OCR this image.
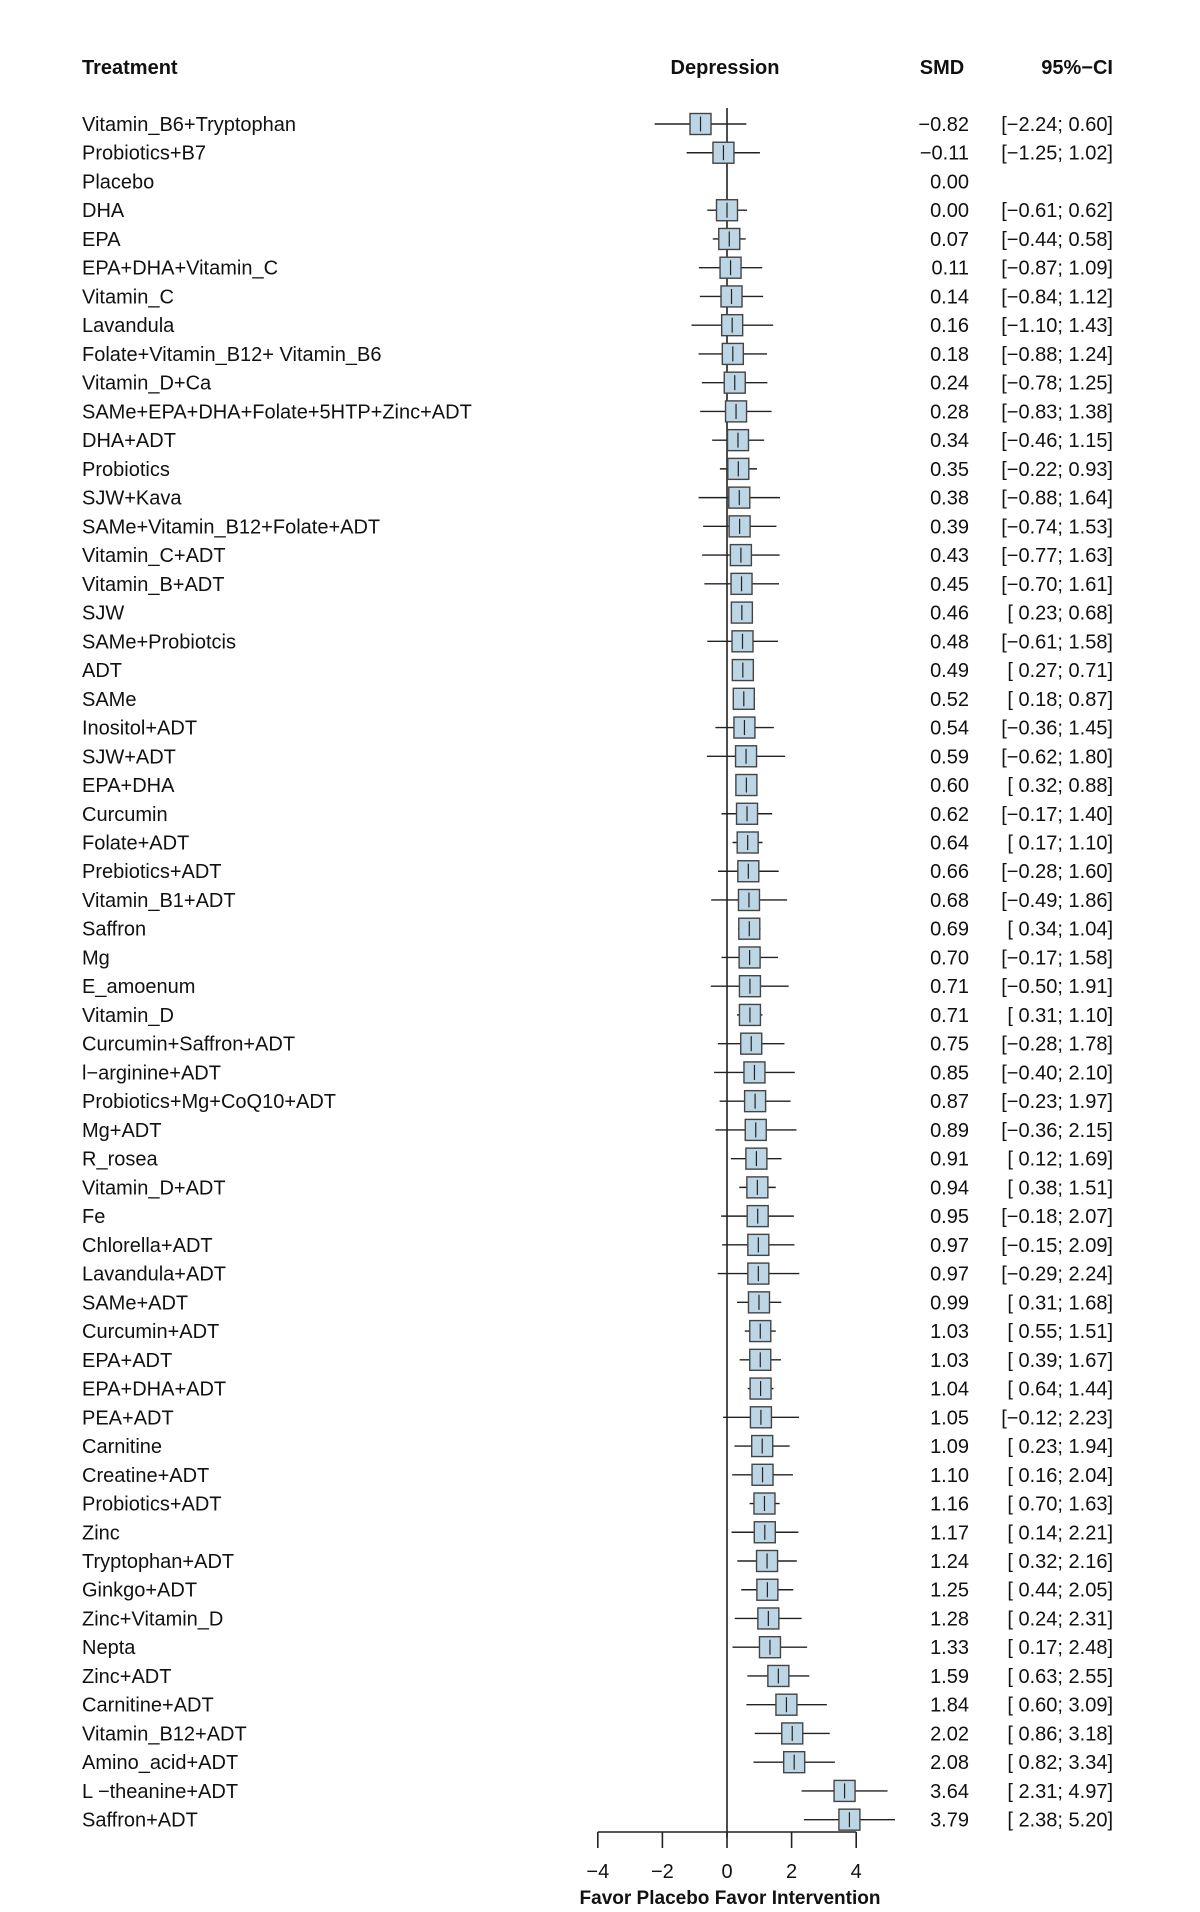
Treatment	Depression	SMD	95%−CI
Vitamin_B6+Tryptophan	−0.82 [−2.24; 0.60]
Probiotics+B7	−0.11 [−1.25; 1.02]
Placebo	0.00
DHA	0.00 [−0.61; 0.62]
EPA	0.07 [−0.44; 0.58]
EPA+DHA+Vitamin_C	0.11 [−0.87; 1.09]
Vitamin_C	0.14 [−0.84; 1.12]
Lavandula	0.16 [−1.10; 1.43]
Folate+Vitamin_B12+ Vitamin_B6	0.18 [−0.88; 1.24]
Vitamin_D+Ca	0.24 [−0.78; 1.25]
SAMe+EPA+DHA+Folate+5HTP+Zinc+ADT	0.28 [−0.83; 1.38]
DHA+ADT	0.34 [−0.46; 1.15]
Probiotics	0.35 [−0.22; 0.93]
SJW+Kava	0.38 [−0.88; 1.64]
SAMe+Vitamin_B12+Folate+ADT	0.39 [−0.74; 1.53]
Vitamin_C+ADT	0.43 [−0.77; 1.63]
Vitamin_B+ADT	0.45 [−0.70; 1.61]
SJW	0.46 [ 0.23; 0.68]
SAMe+Probiotcis	0.48 [−0.61; 1.58]
ADT	0.49 [ 0.27; 0.71]
SAMe	0.52 [ 0.18; 0.87]
Inositol+ADT	0.54 [−0.36; 1.45]
SJW+ADT	0.59 [−0.62; 1.80]
EPA+DHA	0.60 [ 0.32; 0.88]
Curcumin	0.62 [−0.17; 1.40]
Folate+ADT	0.64 [ 0.17; 1.10]
Prebiotics+ADT	0.66 [−0.28; 1.60]
Vitamin_B1+ADT	0.68 [−0.49; 1.86]
Saffron	0.69 [ 0.34; 1.04]
Mg	0.70 [−0.17; 1.58]
E_amoenum	0.71 [−0.50; 1.91]
Vitamin_D	0.71 [ 0.31; 1.10]
Curcumin+Saffron+ADT	0.75 [−0.28; 1.78]
l−arginine+ADT	0.85 [−0.40; 2.10]
Probiotics+Mg+CoQ10+ADT	0.87 [−0.23; 1.97]
Mg+ADT	0.89 [−0.36; 2.15]
R_rosea	0.91 [ 0.12; 1.69]
Vitamin_D+ADT	0.94 [ 0.38; 1.51]
Fe	0.95 [−0.18; 2.07]
Chlorella+ADT	0.97 [−0.15; 2.09]
Lavandula+ADT	0.97 [−0.29; 2.24]
SAMe+ADT	0.99 [ 0.31; 1.68]
Curcumin+ADT	1.03 [ 0.55; 1.51]
EPA+ADT	1.03 [ 0.39; 1.67]
EPA+DHA+ADT	1.04 [ 0.64; 1.44]
PEA+ADT	1.05 [−0.12; 2.23]
Carnitine	1.09 [ 0.23; 1.94]
Creatine+ADT	1.10 [ 0.16; 2.04]
Probiotics+ADT	1.16 [ 0.70; 1.63]
Zinc	1.17 [ 0.14; 2.21]
Tryptophan+ADT	1.24 [ 0.32; 2.16]
Ginkgo+ADT	1.25 [ 0.44; 2.05]
Zinc+Vitamin_D	1.28 [ 0.24; 2.31]
Nepta	1.33 [ 0.17; 2.48]
Zinc+ADT	1.59 [ 0.63; 2.55]
Carnitine+ADT	1.84 [ 0.60; 3.09]
Vitamin_B12+ADT	2.02 [ 0.86; 3.18]
Amino_acid+ADT	2.08 [ 0.82; 3.34]
L −theanine+ADT	3.64 [ 2.31; 4.97]
Saffron+ADT	3.79 [ 2.38; 5.20]
−4 −2 0	2	4
Favor Placebo Favor Intervention
